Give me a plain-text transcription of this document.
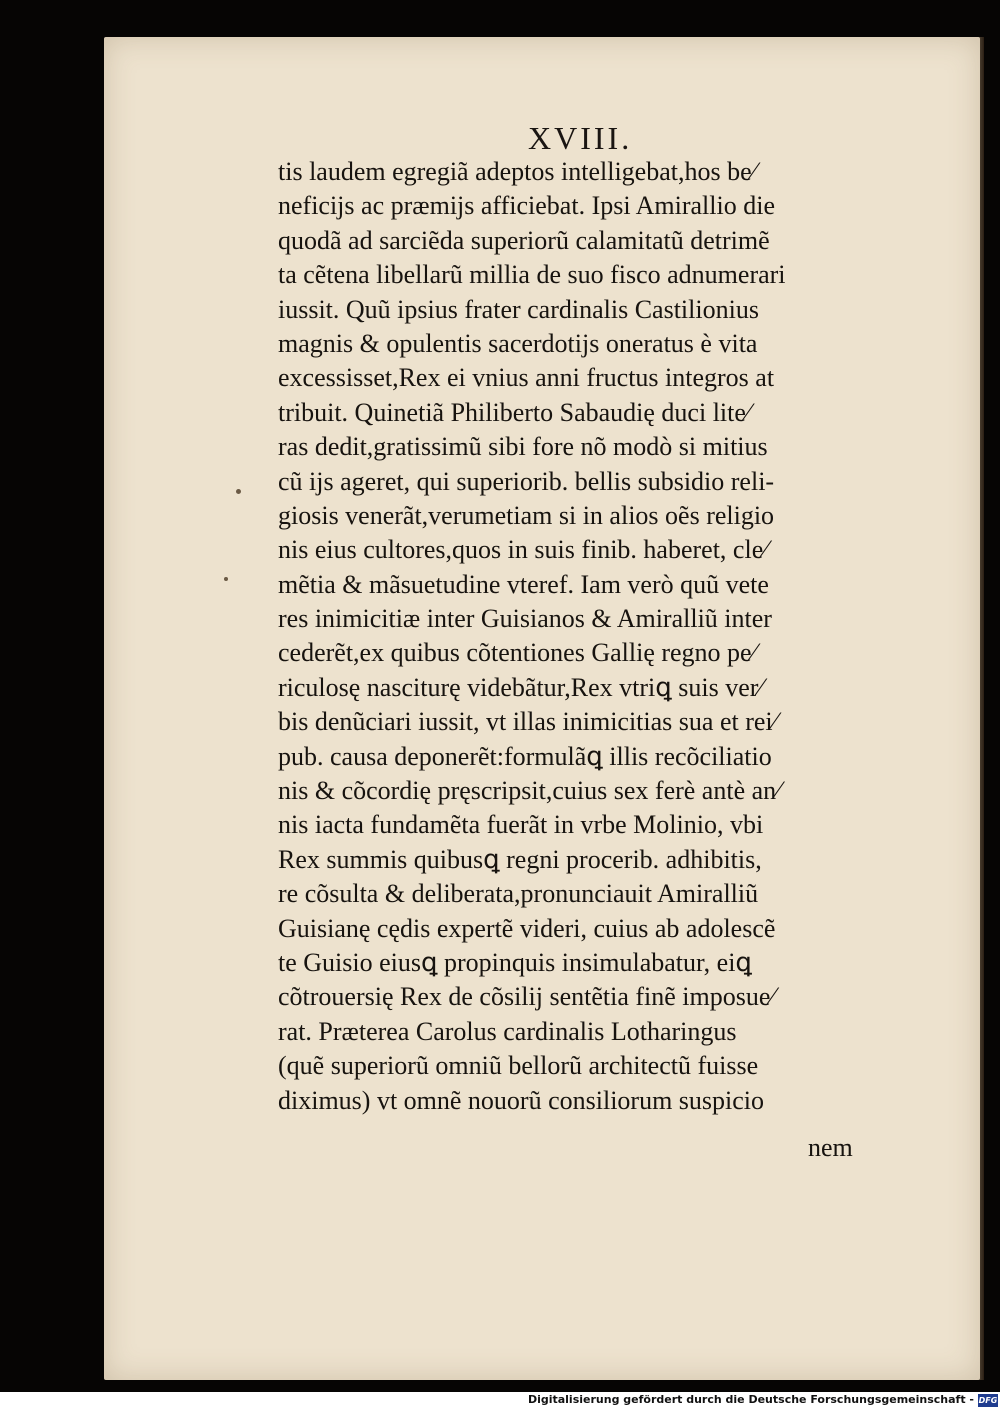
XVIII.
tis laudem egregiã adeptos intelligebat,hos be⁄
neficijs ac præmijs afficiebat. Ipsi Amirallio die
quodã ad sarciẽda superiorũ calamitatũ detrimẽ
ta cẽtena libellarũ millia de suo fisco adnumerari
iussit. Quũ ipsius frater cardinalis Castilionius
magnis & opulentis sacerdotijs oneratus è vita
excessisset,Rex ei vnius anni fructus integros at
tribuit. Quinetiã Philiberto Sabaudię duci lite⁄
ras dedit,gratissimũ sibi fore nõ modò si mitius
cũ ijs ageret, qui superiorib. bellis subsidio reli-
giosis venerãt,verumetiam si in alios oẽs religio
nis eius cultores,quos in suis finib. haberet, cle⁄
mẽtia & mãsuetudine vteref. Iam verò quũ vete
res inimicitiæ inter Guisianos & Amiralliũ inter
cederẽt,ex quibus cõtentiones Gallię regno pe⁄
riculosę nasciturę videbãtur,Rex vtriꝗ suis ver⁄
bis denũciari iussit, vt illas inimicitias sua et rei⁄
pub. causa deponerẽt:formulãꝗ illis recõciliatio
nis & cõcordię pręscripsit,cuius sex ferè antè an⁄
nis iacta fundamẽta fuerãt in vrbe Molinio, vbi
Rex summis quibusꝗ regni procerib. adhibitis,
re cõsulta & deliberata,pronunciauit Amiralliũ
Guisianę cędis expertẽ videri, cuius ab adolescẽ
te Guisio eiusꝗ propinquis insimulabatur, eiꝗ
cõtrouersię Rex de cõsilij sentẽtia finẽ imposue⁄
rat. Præterea Carolus cardinalis Lotharingus
(quẽ superiorũ omniũ bellorũ architectũ fuisse
diximus) vt omnẽ nouorũ consiliorum suspicio
nem
Digitalisierung gefördert durch die Deutsche Forschungsgemeinschaft - DFG
